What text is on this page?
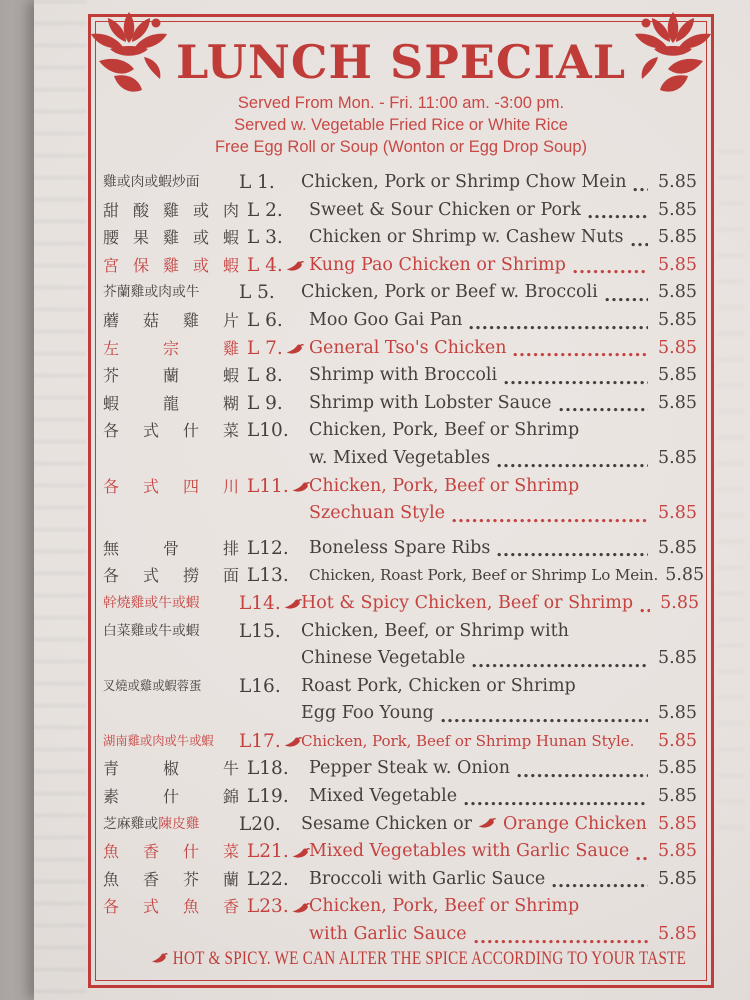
LUNCH SPECIAL
Served From Mon. - Fri. 11:00 am. -3:00 pm.
Served w. Vegetable Fried Rice or White Rice
Free Egg Roll or Soup (Wonton or Egg Drop Soup)
雞或肉或蝦炒面	L 1. Chicken, Pork or Shrimp Chow Mein	5.85
甜 酸 雞 或 肉 L 2. Sweet & Sour Chicken or Pork	5.85
腰 果 雞 或 蝦 L 3. Chicken or Shrimp w. Cashew Nuts	5.85
宮 保 雞 或 蝦 L 4. Kung Pao Chicken or Shrimp	5.85
芥蘭雞或肉或牛	L 5. Chicken, Pork or Beef w. Broccoli	5.85
蘑 菇 雞 片 L 6. Moo Goo Gai Pan	5.85
左	宗	雞 L 7. General Tso's Chicken	5.85
芥	蘭	蝦 L 8. Shrimp with Broccoli	5.85
蝦	龍	糊 L 9. Shrimp with Lobster Sauce	5.85
各 式 什 菜 L10. Chicken, Pork, Beef or Shrimp
w. Mixed Vegetables	5.85
各 式 四 川 L11. Chicken, Pork, Beef or Shrimp
Szechuan Style	5.85
無	骨	排 L12. Boneless Spare Ribs	5.85
各 式 撈 面 L13. Chicken, Roast Pork, Beef or Shrimp Lo Mein. 5.85
幹燒雞或牛或蝦	L14. Hot & Spicy Chicken, Beef or Shrimp	5.85
白菜雞或牛或蝦	L15. Chicken, Beef, or Shrimp with
Chinese Vegetable	5.85
叉燒或雞或蝦蓉蛋	L16. Roast Pork, Chicken or Shrimp
Egg Foo Young	5.85
湖南雞或肉或牛或蝦	L17. Chicken, Pork, Beef or Shrimp Hunan Style.	5.85
青	椒	牛 L18. Pepper Steak w. Onion	5.85
素	什	錦 L19. Mixed Vegetable	5.85
芝麻雞或陳皮雞	L20. Sesame Chicken or Orange Chicken 5.85
魚 香 什 菜 L21. Mixed Vegetables with Garlic Sauce	5.85
魚 香 芥 蘭 L22. Broccoli with Garlic Sauce	5.85
各 式 魚 香 L23. Chicken, Pork, Beef or Shrimp
with Garlic Sauce	5.85
HOT & SPICY. WE CAN ALTER THE SPICE ACCORDING TO YOUR TASTE
